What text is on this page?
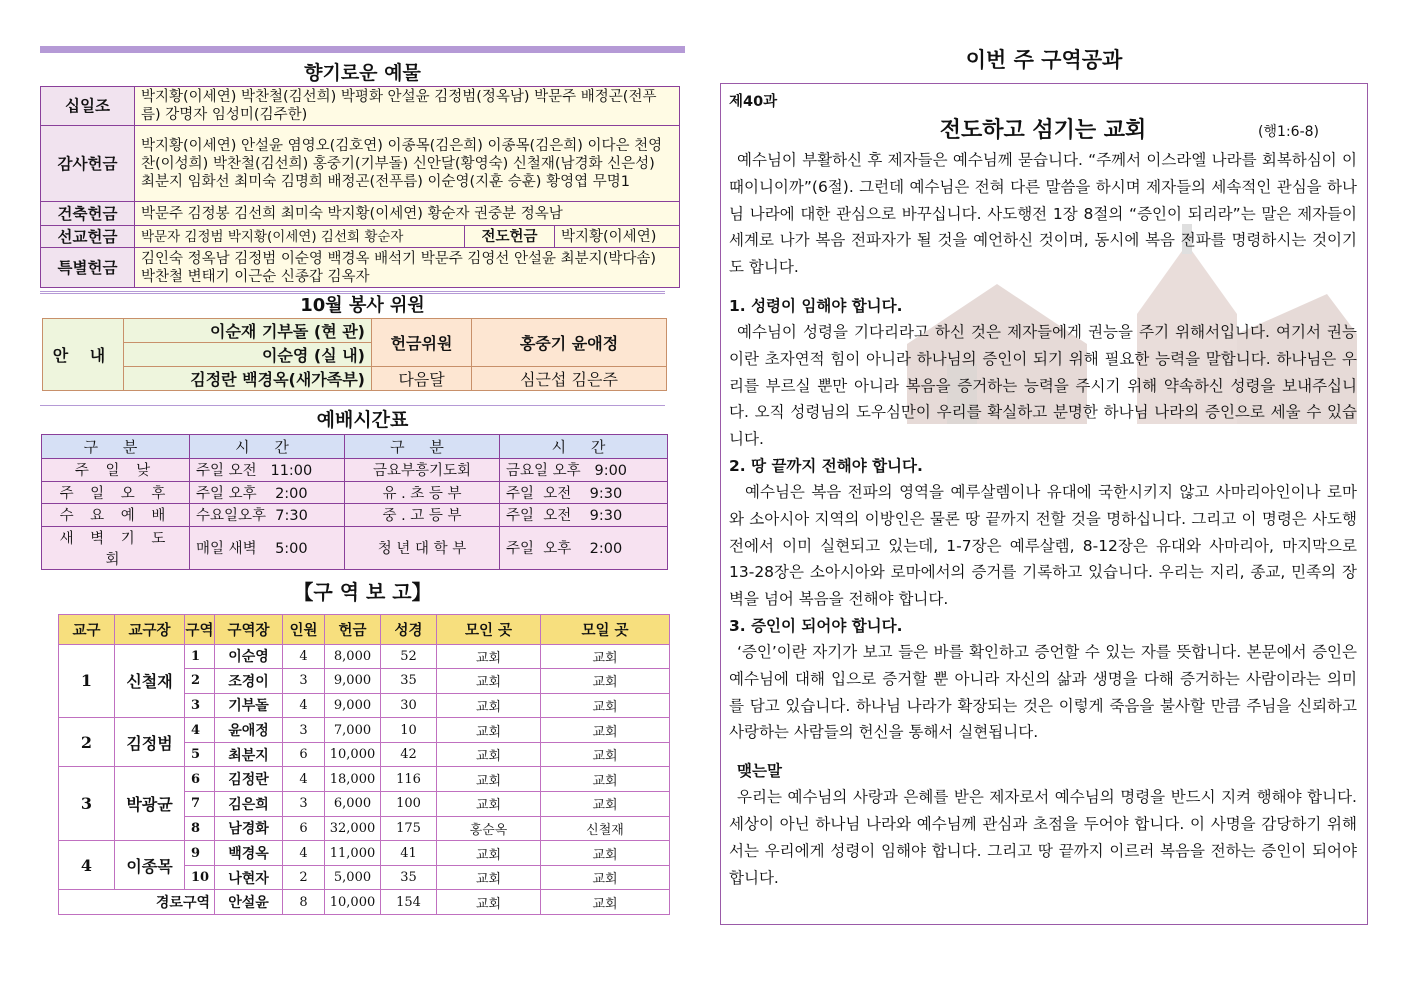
향기로운 예물
십일조	박지황(이세연) 박찬철(김선희) 박평화 안설윤 김정범(정옥남) 박문주 배정곤(전푸름) 강명자 임성미(김주한)		
감사헌금	박지황(이세연) 안설윤 염영오(김호연) 이종목(김은희) 이종목(김은희) 이다은 천영찬(이성희) 박찬철(김선희) 홍중기(기부돌) 신안달(황영숙) 신철재(남경화 신은성) 최분지 임화선 최미숙 김명희 배정곤(전푸름) 이순영(지훈 승훈) 황영엽 무명1		
건축헌금	박문주 김정봉 김선희 최미숙 박지황(이세연) 황순자 권중분 정옥남		
선교헌금	박문자 김정범 박지황(이세연) 김선희 황순자	전도헌금	박지황(이세연)
특별헌금	김인숙 정옥남 김정범 이순영 백경옥 배석기 박문주 김영선 안설윤 최분지(박다솜) 박찬철 변태기 이근순 신종갑 김옥자		
10월 봉사 위원
안 내	이순재 기부돌 (현 관)	헌금위원	홍중기 윤애정
	이순영 (실 내)		
	김정란 백경옥(새가족부)	다음달	심근섭 김은주
예배시간표
구 분	시 간	구 분	시 간
주 일 낮	주일 오전   11:00	금요부흥기도회	금요일 오후   9:00
주 일 오 후	주일 오후    2:00	유 . 초 등 부	주일  오전    9:30
수 요 예 배	수요일오후  7:30	중 . 고 등 부	주일  오전    9:30
새 벽 기 도 회	매일 새벽    5:00	청 년 대 학 부	주일  오후    2:00
【구 역 보 고】
교구	교구장	구역	구역장	인원	헌금	성경	모인 곳	모일 곳
1	신철재	1	이순영	4	8,000	52	교회	교회
		2	조경이	3	9,000	35	교회	교회
		3	기부돌	4	9,000	30	교회	교회
2	김정범	4	윤애정	3	7,000	10	교회	교회
		5	최분지	6	10,000	42	교회	교회
3	박광균	6	김정란	4	18,000	116	교회	교회
		7	김은희	3	6,000	100	교회	교회
		8	남경화	6	32,000	175	홍순옥	신철재
4	이종목	9	백경옥	4	11,000	41	교회	교회
		10	나현자	2	5,000	35	교회	교회
경로구역			안설윤	8	10,000	154	교회	교회
이번 주 구역공과
제40과
전도하고 섬기는 교회	(행1:6-8)

예수님이 부활하신 후 제자들은 예수님께 묻습니다. “주께서 이스라엘 나라를 회복하심이 이 때이니이까”(6절). 그런데 예수님은 전혀 다른 말씀을 하시며 제자들의 세속적인 관심을 하나님 나라에 대한 관심으로 바꾸십니다. 사도행전 1장 8절의 “증인이 되리라”는 말은 제자들이 세계로 나가 복음 전파자가 될 것을 예언하신 것이며, 동시에 복음 전파를 명령하시는 것이기도 합니다.

1. 성령이 임해야 합니다.

예수님이 성령을 기다리라고 하신 것은 제자들에게 권능을 주기 위해서입니다. 여기서 권능이란 초자연적 힘이 아니라 하나님의 증인이 되기 위해 필요한 능력을 말합니다. 하나님은 우리를 부르실 뿐만 아니라 복음을 증거하는 능력을 주시기 위해 약속하신 성령을 보내주십니다. 오직 성령님의 도우심만이 우리를 확실하고 분명한 하나님 나라의 증인으로 세울 수 있습니다.

2. 땅 끝까지 전해야 합니다.

예수님은 복음 전파의 영역을 예루살렘이나 유대에 국한시키지 않고 사마리아인이나 로마와 소아시아 지역의 이방인은 물론 땅 끝까지 전할 것을 명하십니다. 그리고 이 명령은 사도행전에서 이미 실현되고 있는데, 1-7장은 예루살렘, 8-12장은 유대와 사마리아, 마지막으로 13-28장은 소아시아와 로마에서의 증거를 기록하고 있습니다. 우리는 지리, 종교, 민족의 장벽을 넘어 복음을 전해야 합니다.

3. 증인이 되어야 합니다.

‘증인’이란 자기가 보고 들은 바를 확인하고 증언할 수 있는 자를 뜻합니다. 본문에서 증인은 예수님에 대해 입으로 증거할 뿐 아니라 자신의 삶과 생명을 다해 증거하는 사람이라는 의미를 담고 있습니다. 하나님 나라가 확장되는 것은 이렇게 죽음을 불사할 만큼 주님을 신뢰하고 사랑하는 사람들의 헌신을 통해서 실현됩니다.

맺는말

우리는 예수님의 사랑과 은혜를 받은 제자로서 예수님의 명령을 반드시 지켜 행해야 합니다. 세상이 아닌 하나님 나라와 예수님께 관심과 초점을 두어야 합니다. 이 사명을 감당하기 위해서는 우리에게 성령이 임해야 합니다. 그리고 땅 끝까지 이르러 복음을 전하는 증인이 되어야 합니다.
